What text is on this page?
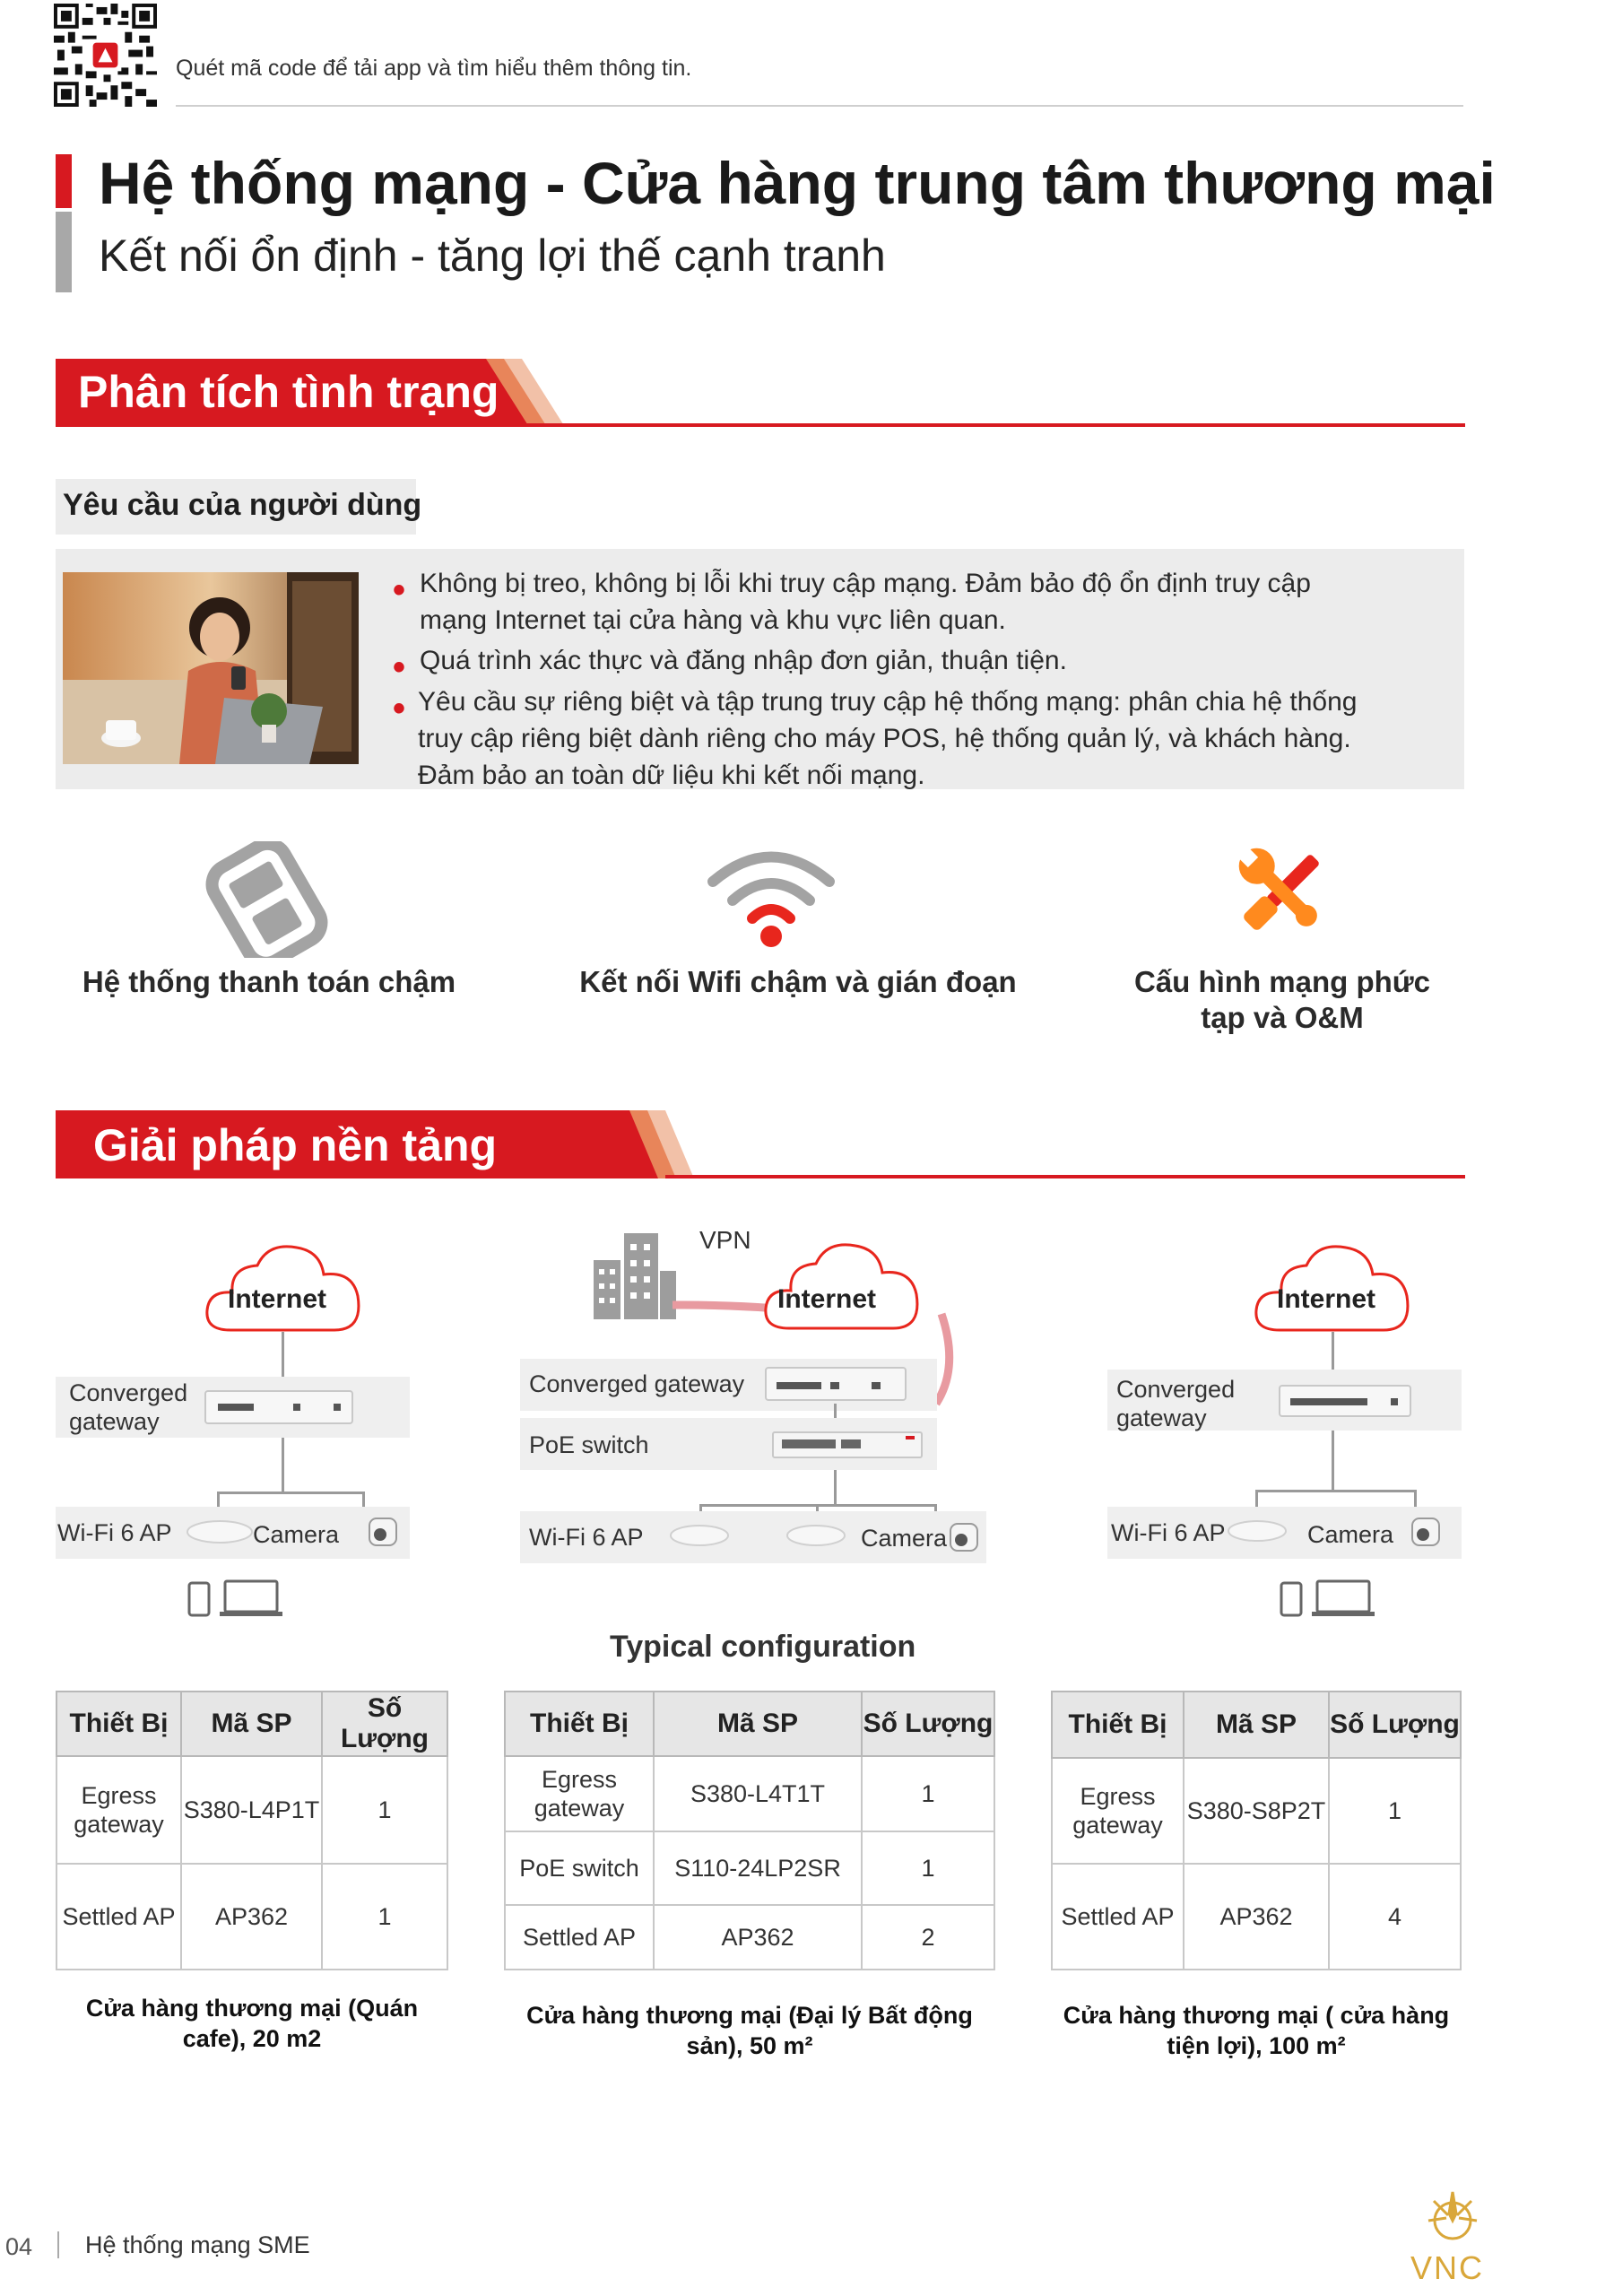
Quét mã code để tải app và tìm hiểu thêm thông tin.
Hệ thống mạng - Cửa hàng trung tâm thương mại
Kết nối ổn định - tăng lợi thế cạnh tranh
Phân tích tình trạng
Yêu cầu của người dùng
• Không bị treo, không bị lỗi khi truy cập mạng. Đảm bảo độ ổn định truy cập
mạng Internet tại cửa hàng và khu vực liên quan.
• Quá trình xác thực và đăng nhập đơn giản, thuận tiện.
• Yêu cầu sự riêng biệt và tập trung truy cập hệ thống mạng: phân chia hệ thống
truy cập riêng biệt dành riêng cho máy POS, hệ thống quản lý, và khách hàng.
Đảm bảo an toàn dữ liệu khi kết nối mạng.
Hệ thống thanh toán chậm	Kết nối Wifi chậm và gián đoạn	Cấu hình mạng phức
tạp và O&M
Giải pháp nền tảng
Internet
Converged
gateway
Wi-Fi 6 AP	Camera
VPN
Internet
Converged gateway
PoE switch
Wi-Fi 6 AP	Camera
Internet
Converged
gateway
Wi-Fi 6 AP	Camera
Typical configuration
Thiết Bị	Mã SP	Số Lượng

Egress
gateway	S380-L4P1T	1
Settled AP	AP362	1
Thiết Bị	Mã SP	Số Lượng

Egress
gateway	S380-L4T1T	1
PoE switch	S110-24LP2SR	1
Settled AP	AP362	2
Thiết Bị	Mã SP	Số Lượng

Egress
gateway	S380-S8P2T	1
Settled AP	AP362	4
Cửa hàng thương mại (Quán
cafe), 20 m2
Cửa hàng thương mại (Đại lý Bất động
sản), 50 m²
Cửa hàng thương mại ( cửa hàng
tiện lợi), 100 m²
04 Hệ thống mạng SME
VNC
